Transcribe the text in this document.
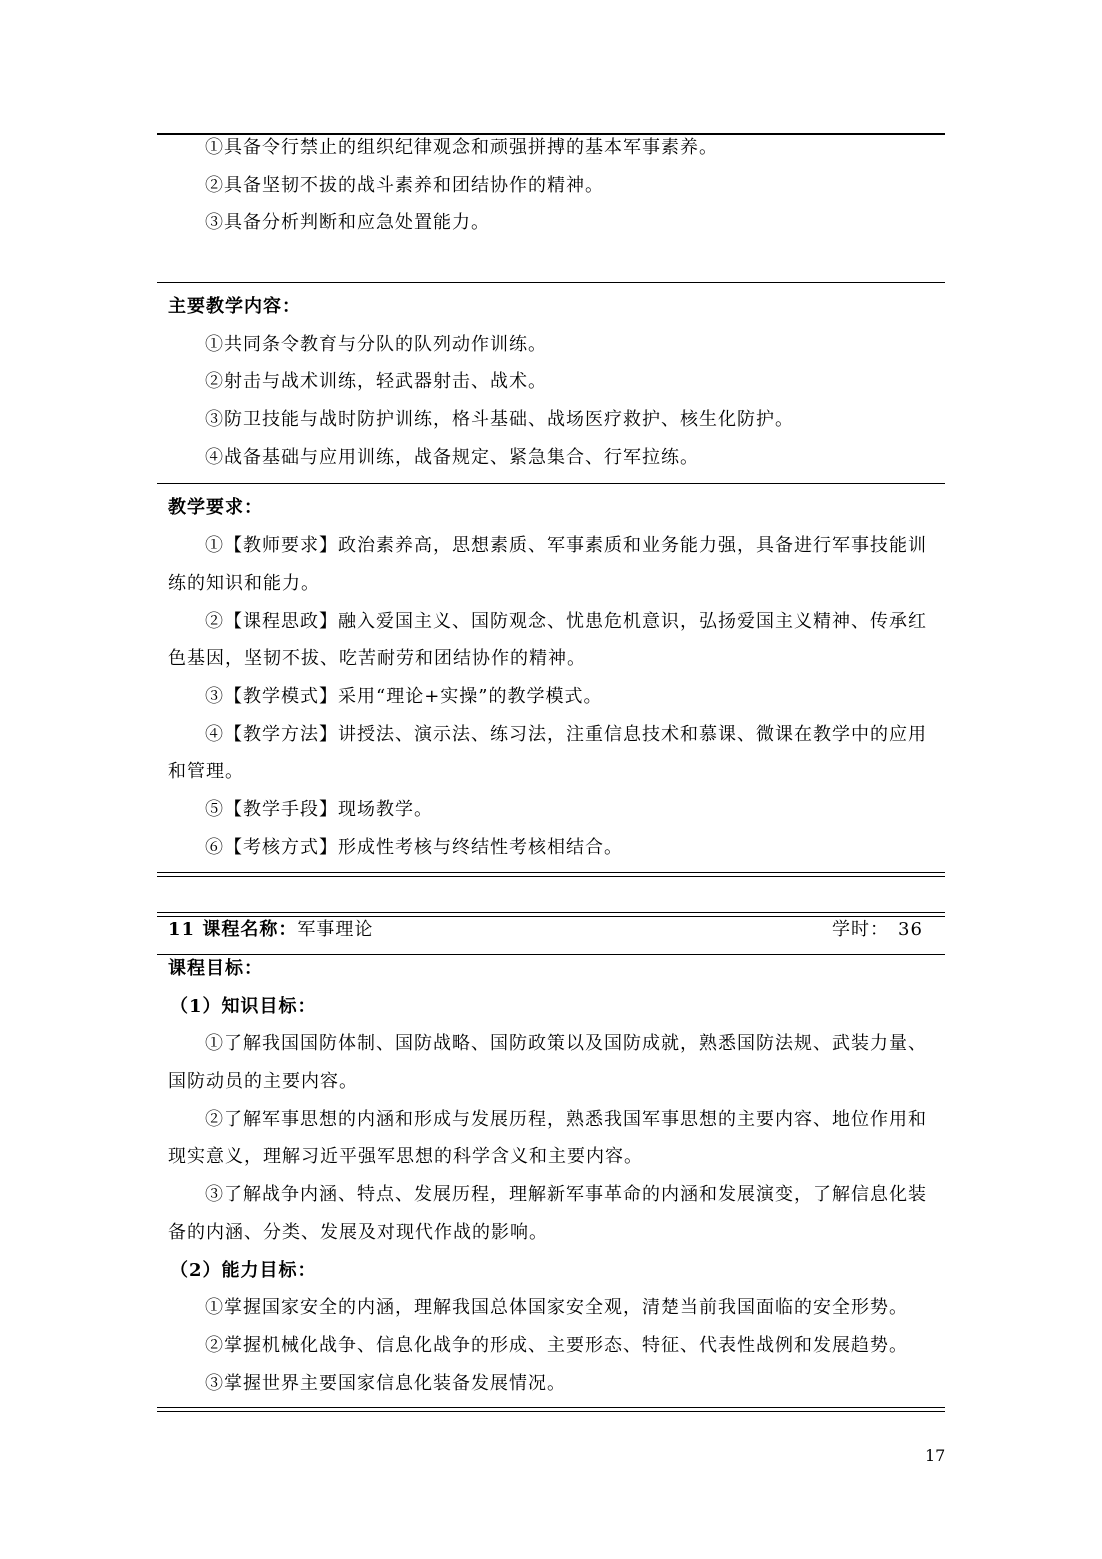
①具备令行禁止的组织纪律观念和顽强拼搏的基本军事素养。
②具备坚韧不拔的战斗素养和团结协作的精神。
③具备分析判断和应急处置能力。
主要教学内容：
①共同条令教育与分队的队列动作训练。
②射击与战术训练，轻武器射击、战术。
③防卫技能与战时防护训练，格斗基础、战场医疗救护、核生化防护。
④战备基础与应用训练，战备规定、紧急集合、行军拉练。
教学要求：
①【教师要求】政治素养高，思想素质、军事素质和业务能力强，具备进行军事技能训
练的知识和能力。
②【课程思政】融入爱国主义、国防观念、忧患危机意识，弘扬爱国主义精神、传承红
色基因，坚韧不拔、吃苦耐劳和团结协作的精神。
③【教学模式】采用“理论+实操”的教学模式。
④【教学方法】讲授法、演示法、练习法，注重信息技术和慕课、微课在教学中的应用
和管理。
⑤【教学手段】现场教学。
⑥【考核方式】形成性考核与终结性考核相结合。
11 课程名称：军事理论	学时： 36
课程目标：
（1）知识目标：
①了解我国国防体制、国防战略、国防政策以及国防成就，熟悉国防法规、武装力量、
国防动员的主要内容。
②了解军事思想的内涵和形成与发展历程，熟悉我国军事思想的主要内容、地位作用和
现实意义，理解习近平强军思想的科学含义和主要内容。
③了解战争内涵、特点、发展历程，理解新军事革命的内涵和发展演变，了解信息化装
备的内涵、分类、发展及对现代作战的影响。
（2）能力目标：
①掌握国家安全的内涵，理解我国总体国家安全观，清楚当前我国面临的安全形势。
②掌握机械化战争、信息化战争的形成、主要形态、特征、代表性战例和发展趋势。
③掌握世界主要国家信息化装备发展情况。
17
